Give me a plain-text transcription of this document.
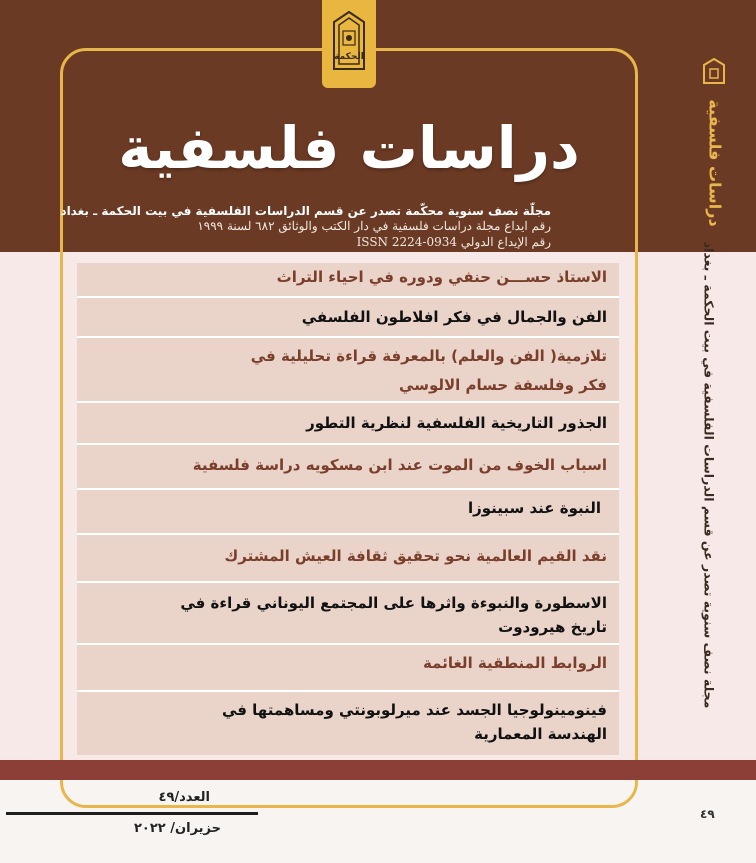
الحكمة
دراسات فلسفية
مجلّة نصف سنوية محكّمة تصدر عن قسم الدراسات الفلسفية في بيت الحكمة ـ بغداد
رقم ايداع مجلة دراسات فلسفية في دار الكتب والوثائق ٦٨٢ لسنة ١٩٩٩
رقم الإيداع الدولي ISSN 2224-0934
الاستاذ حســـن حنفي ودوره في احياء التراث
الفن والجمال في فكر افلاطون الفلسفي
تلازمية( الفن والعلم) بالمعرفة قراءة تحليلية في
فكر وفلسفة حسام الالوسي
الجذور التاريخية الفلسفية لنظرية التطور
اسباب الخوف من الموت عند ابن مسكويه دراسة فلسفية
النبوة عند سبينوزا
نقد القيم العالمية نحو تحقيق ثقافة العيش المشترك
الاسطورة والنبوءة واثرها على المجتمع اليوناني قراءة في
تاريخ هيرودوت
الروابط المنطقية الغائمة
فينومينولوجيا الجسد عند ميرلوبونتي ومساهمتها في
الهندسة المعمارية
دراسات فلسفية
مجلة نصف سنوية تصدر عن قسم الدراسات الفلسفية في بيت الحكمة ـ بغداد
العدد/٤٩
حزيران/ ٢٠٢٢
٤٩
